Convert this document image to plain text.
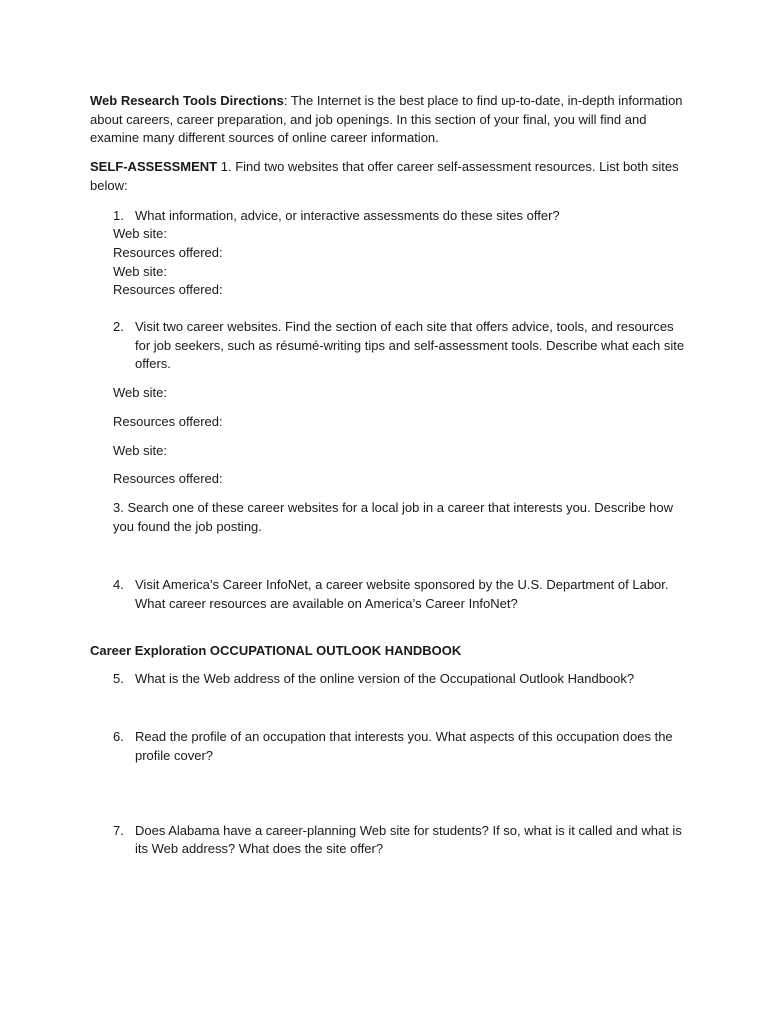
Web Research Tools Directions: The Internet is the best place to find up-to-date, in-depth information about careers, career preparation, and job openings. In this section of your final, you will find and examine many different sources of online career information.

SELF-ASSESSMENT 1. Find two websites that offer career self-assessment resources. List both sites below:

1. What information, advice, or interactive assessments do these sites offer?

Web site:

Resources offered:

Web site:

Resources offered:

2. Visit two career websites. Find the section of each site that offers advice, tools, and resources for job seekers, such as résumé-writing tips and self-assessment tools. Describe what each site offers.

Web site:

Resources offered:

Web site:

Resources offered:

3. Search one of these career websites for a local job in a career that interests you. Describe how you found the job posting.

4. Visit America’s Career InfoNet, a career website sponsored by the U.S. Department of Labor. What career resources are available on America’s Career InfoNet?

Career Exploration OCCUPATIONAL OUTLOOK HANDBOOK

5. What is the Web address of the online version of the Occupational Outlook Handbook?
6. Read the profile of an occupation that interests you. What aspects of this occupation does the profile cover?
7. Does Alabama have a career-planning Web site for students? If so, what is it called and what is its Web address? What does the site offer?
